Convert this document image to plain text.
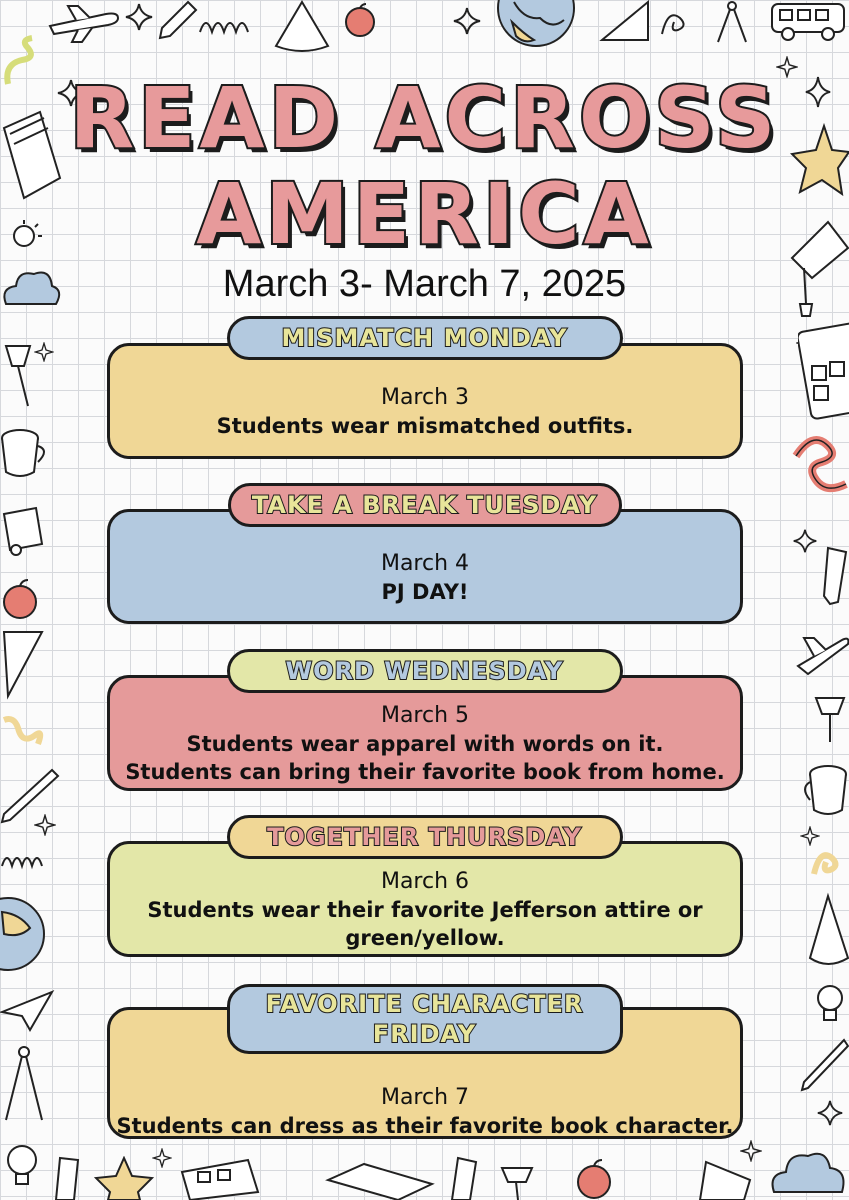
READ ACROSS
AMERICA
March 3- March 7, 2025
March 3
Students wear mismatched outfits.
MISMATCH MONDAY
March 4
PJ DAY!
TAKE A BREAK TUESDAY
March 5
Students wear apparel with words on it.
Students can bring their favorite book from home.
WORD WEDNESDAY
March 6
Students wear their favorite Jefferson attire or
green/yellow.
TOGETHER THURSDAY
March 7
Students can dress as their favorite book character.
FAVORITE CHARACTER
FRIDAY
